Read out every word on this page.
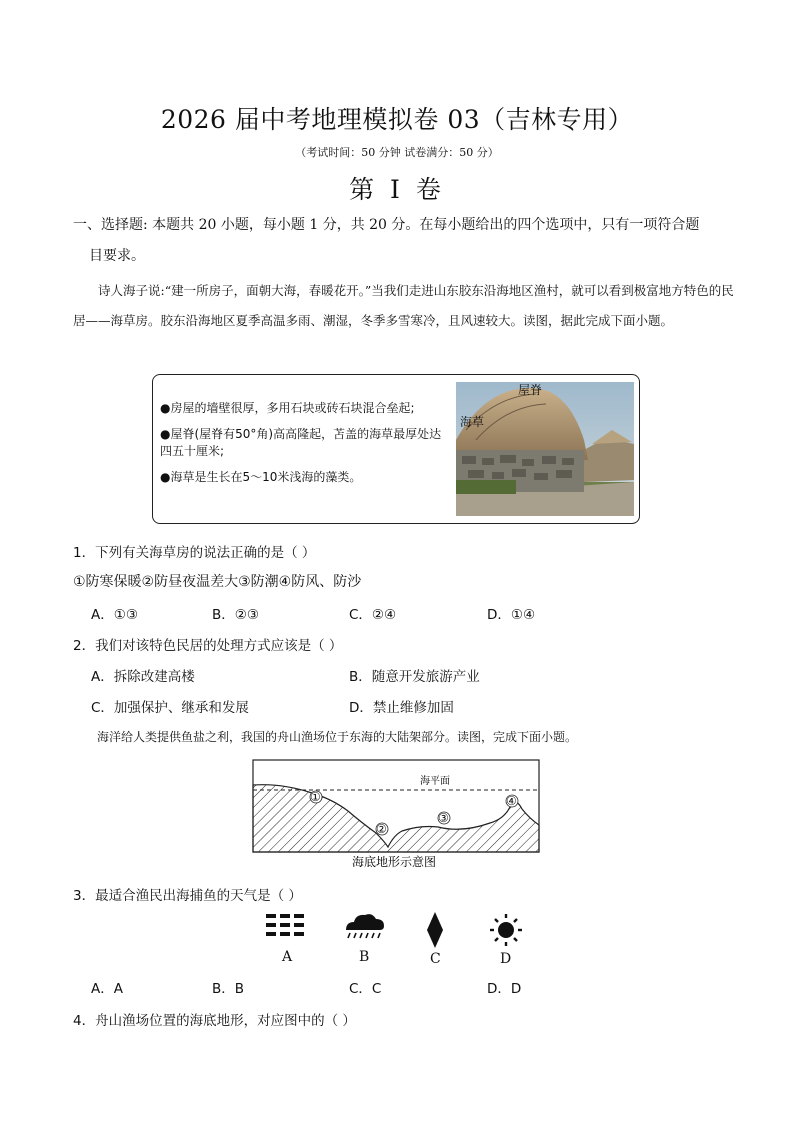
2026 届中考地理模拟卷 03（吉林专用）
（考试时间：50 分钟 试卷满分：50 分）
第 I 卷
一、选择题: 本题共 20 小题，每小题 1 分，共 20 分。在每小题给出的四个选项中，只有一项符合题
目要求。
诗人海子说:“建一所房子，面朝大海，春暖花开。”当我们走进山东胶东沿海地区渔村，就可以看到极富地方特色的民居——海草房。胶东沿海地区夏季高温多雨、潮湿，冬季多雪寒冷，且风速较大。读图，据此完成下面小题。

●房屋的墙壁很厚，多用石块或砖石块混合垒起;

●屋脊(屋脊有50°角)高高隆起，苫盖的海草最厚处达四五十厘米;

●海草是生长在5～10米浅海的藻类。

屋脊
海草
1．下列有关海草房的说法正确的是（ ）
①防寒保暖②防昼夜温差大③防潮④防风、防沙
A．①③	B．②③	C．②④	D．①④
2．我们对该特色民居的处理方式应该是（ ）
A．拆除改建高楼	B．随意开发旅游产业
C．加强保护、继承和发展	D．禁止维修加固
海洋给人类提供鱼盐之利，我国的舟山渔场位于东海的大陆架部分。读图，完成下面小题。
海平面
①
②
③
④
海底地形示意图
3．最适合渔民出海捕鱼的天气是（ ）
A	B	C	D
A．A	B．B	C．C	D．D
4．舟山渔场位置的海底地形，对应图中的（ ）
